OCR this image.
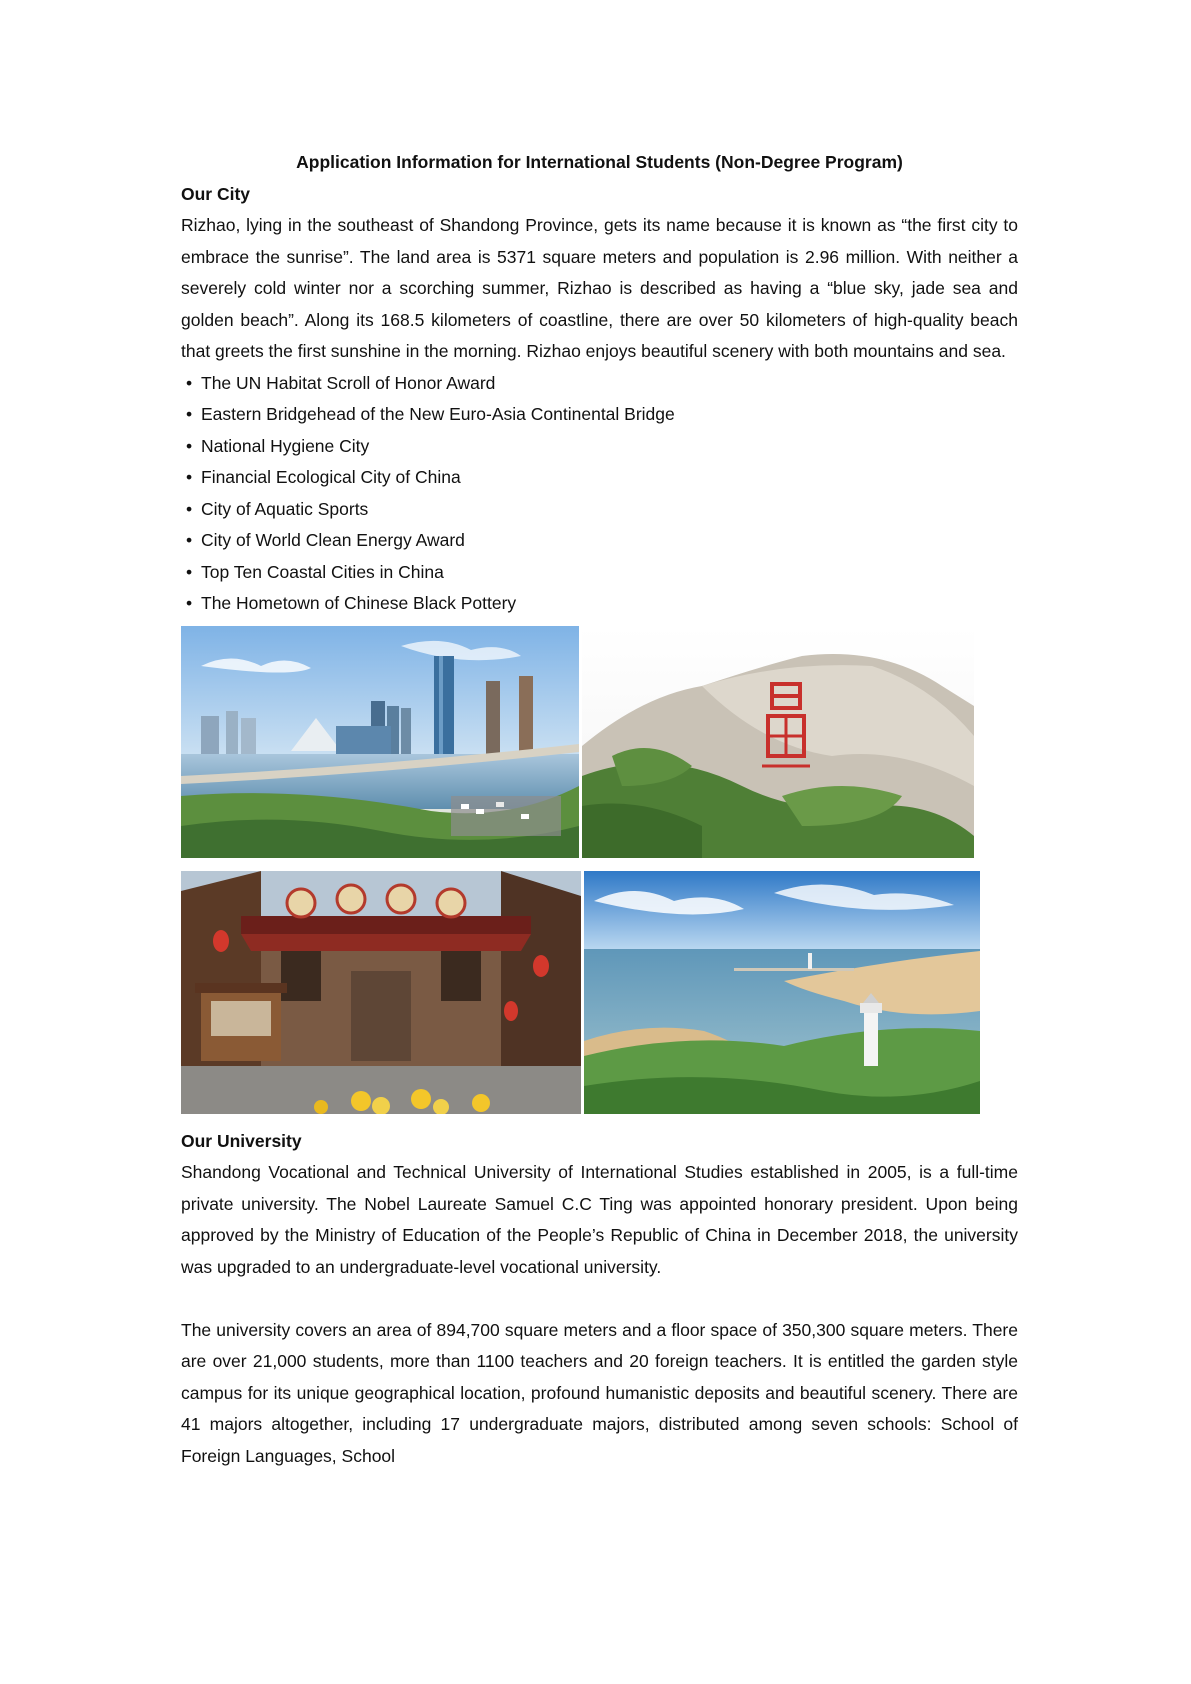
Application Information for International Students (Non-Degree Program)

Our City

Rizhao, lying in the southeast of Shandong Province, gets its name because it is known as “the first city to embrace the sunrise”. The land area is 5371 square meters and population is 2.96 million. With neither a severely cold winter nor a scorching summer, Rizhao is described as having a “blue sky, jade sea and golden beach”. Along its 168.5 kilometers of coastline, there are over 50 kilometers of high-quality beach that greets the first sunshine in the morning. Rizhao enjoys beautiful scenery with both mountains and sea.

• The UN Habitat Scroll of Honor Award
• Eastern Bridgehead of the New Euro-Asia Continental Bridge
• National Hygiene City
• Financial Ecological City of China
• City of Aquatic Sports
• City of World Clean Energy Award
• Top Ten Coastal Cities in China
• The Hometown of Chinese Black Pottery

Our University

Shandong Vocational and Technical University of International Studies established in 2005, is a full-time private university. The Nobel Laureate Samuel C.C Ting was appointed honorary president. Upon being approved by the Ministry of Education of the People’s Republic of China in December 2018, the university was upgraded to an undergraduate-level vocational university.

The university covers an area of 894,700 square meters and a floor space of 350,300 square meters. There are over 21,000 students, more than 1100 teachers and 20 foreign teachers. It is entitled the garden style campus for its unique geographical location, profound humanistic deposits and beautiful scenery. There are 41 majors altogether, including 17 undergraduate majors, distributed among seven schools: School of Foreign Languages, School
